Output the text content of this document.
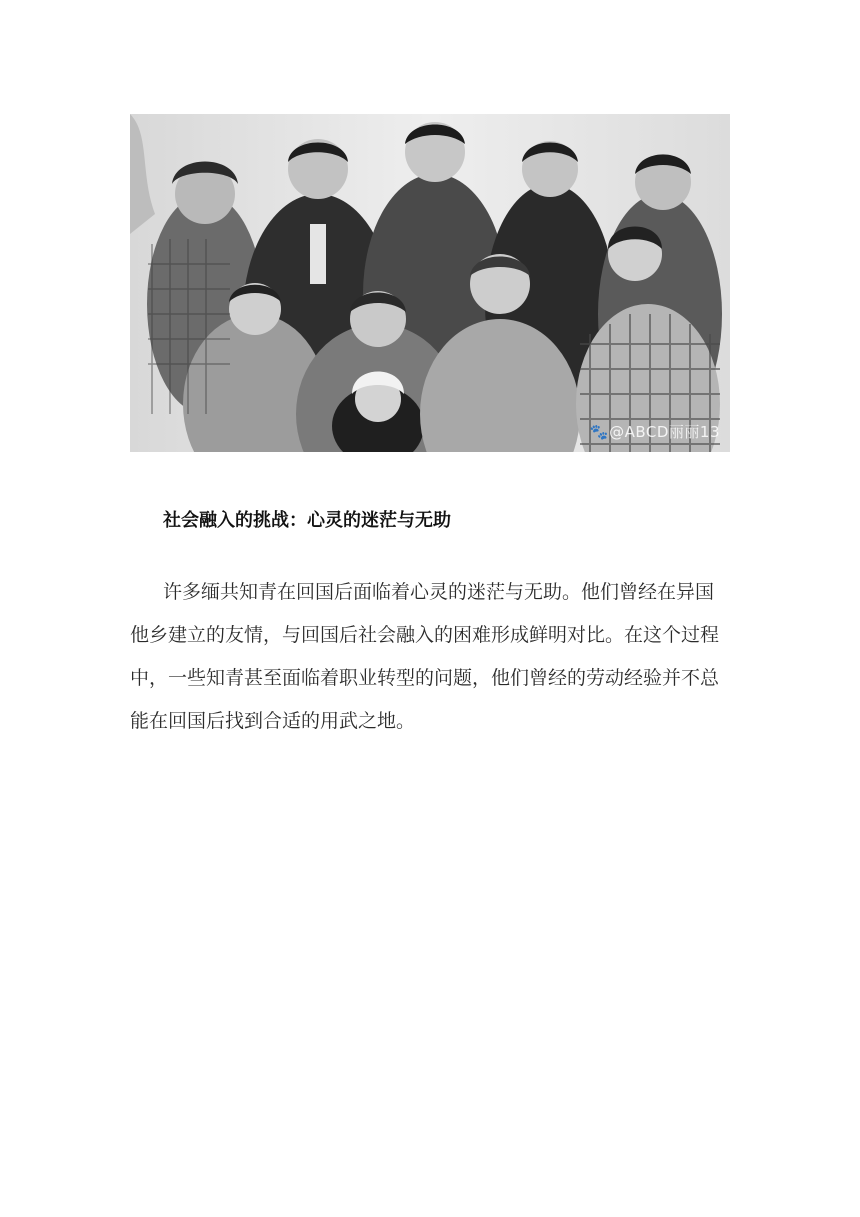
🐾@ABCD丽丽13
社会融入的挑战：心灵的迷茫与无助
许多缅共知青在回国后面临着心灵的迷茫与无助。他们曾经在异国
他乡建立的友情，与回国后社会融入的困难形成鲜明对比。在这个过程
中，一些知青甚至面临着职业转型的问题，他们曾经的劳动经验并不总
能在回国后找到合适的用武之地。
